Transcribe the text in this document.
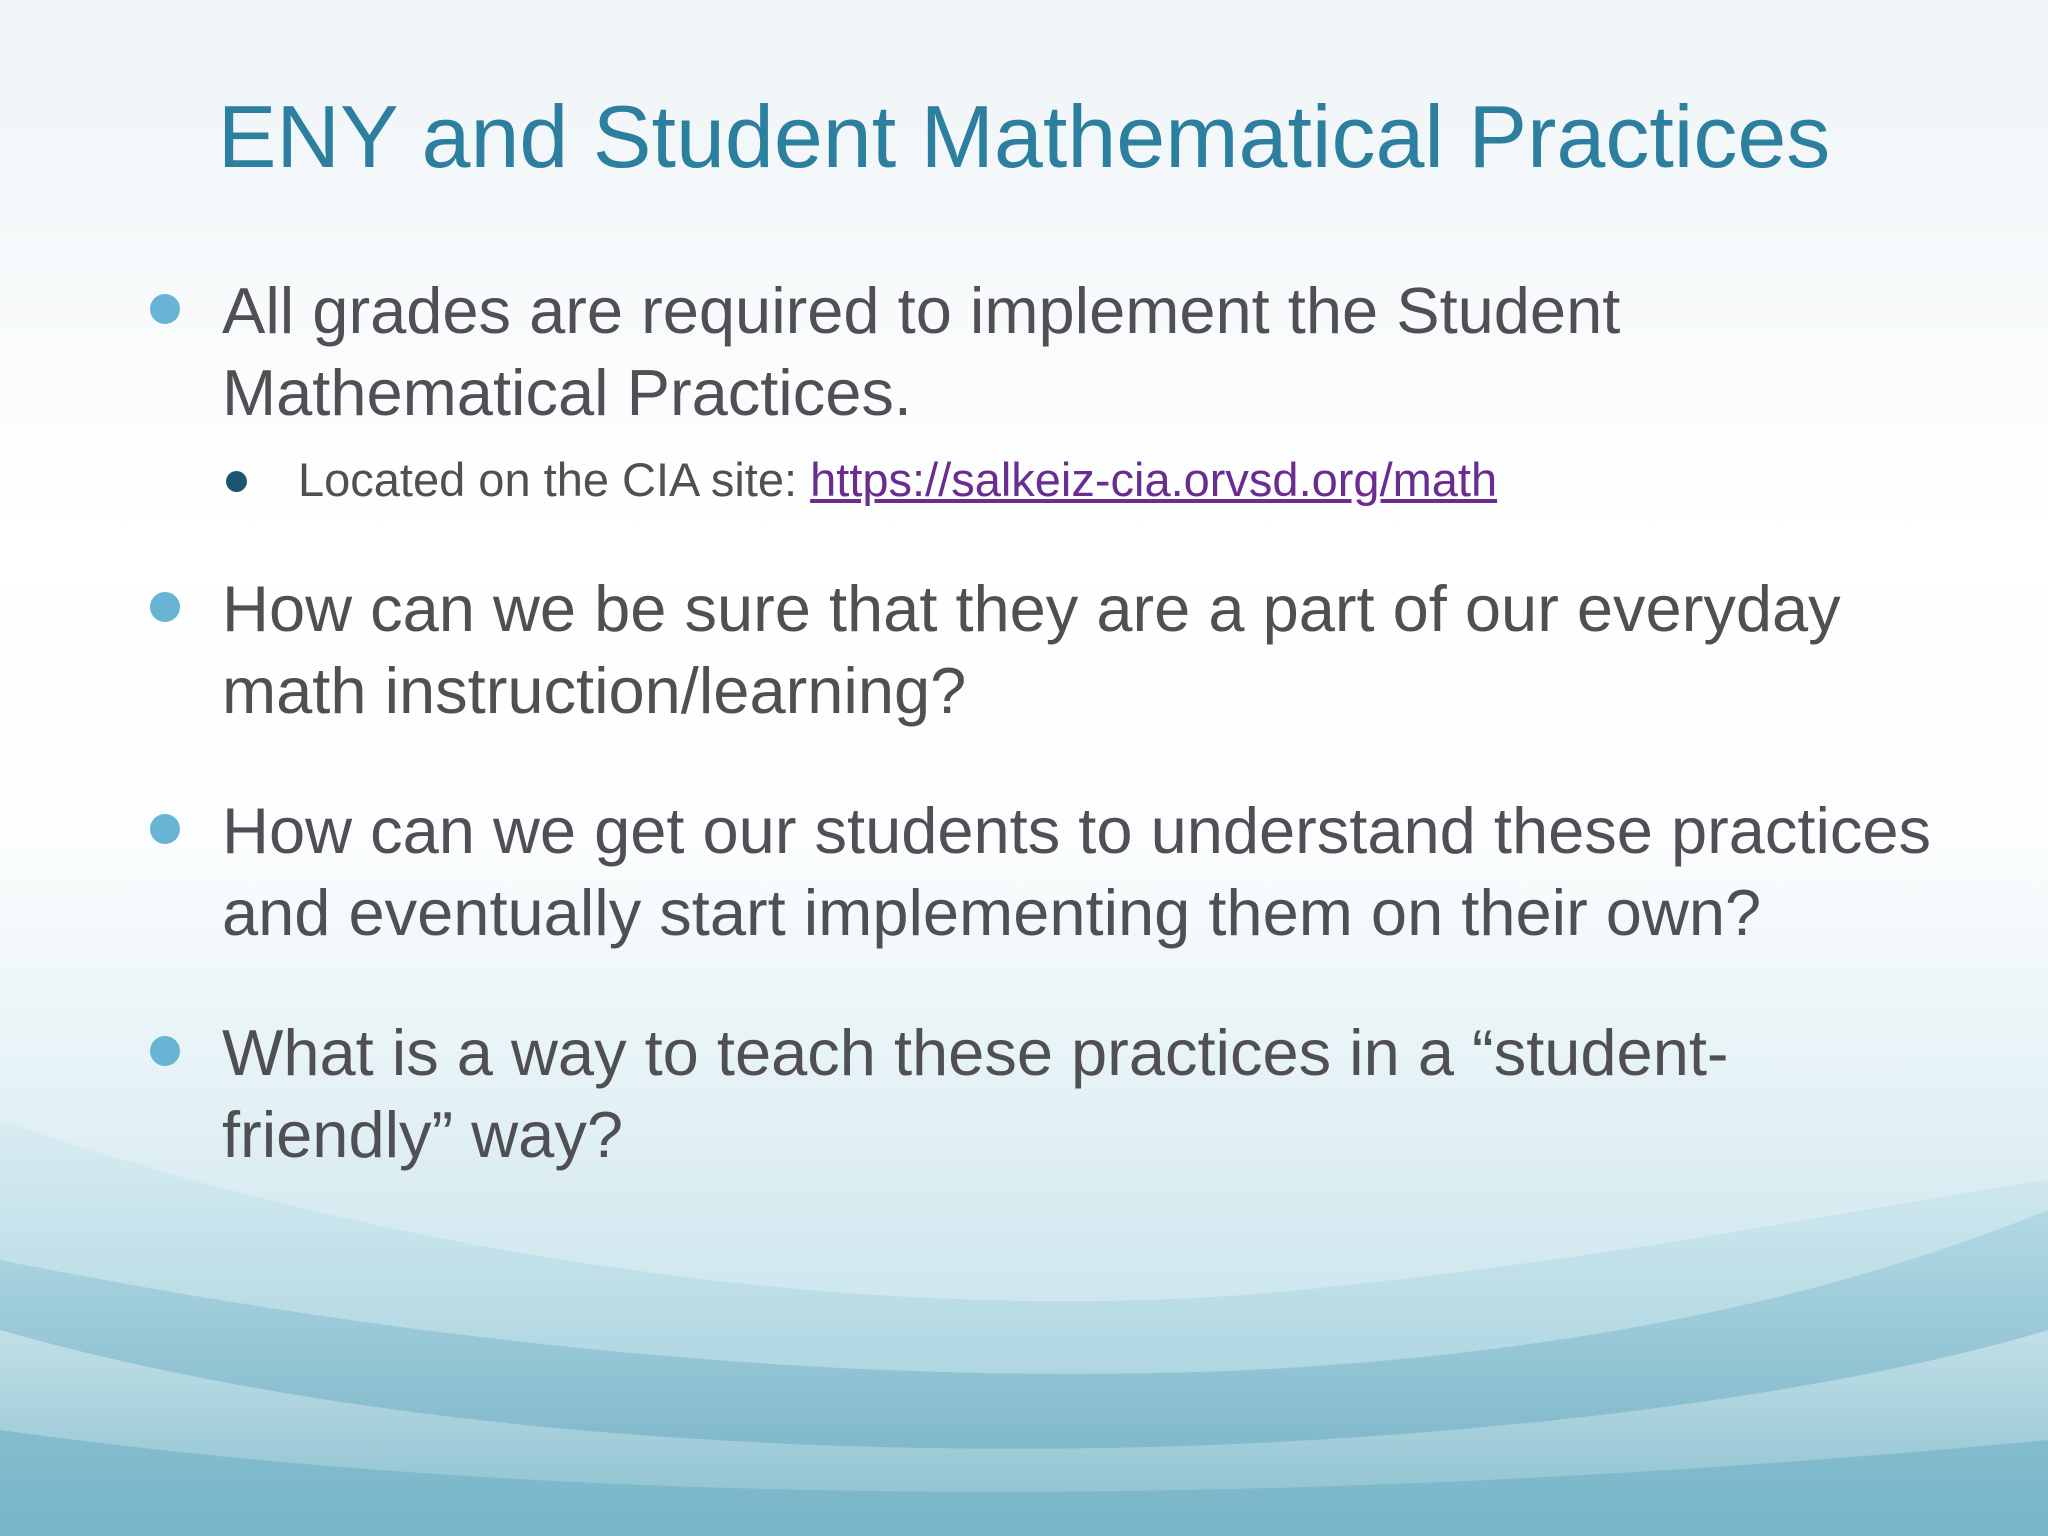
ENY and Student Mathematical Practices
All grades are required to implement the Student Mathematical Practices.
Located on the CIA site: https://salkeiz-cia.orvsd.org/math
How can we be sure that they are a part of our everyday math instruction/learning?
How can we get our students to understand these practices and eventually start implementing them on their own?
What is a way to teach these practices in a “student-friendly” way?
